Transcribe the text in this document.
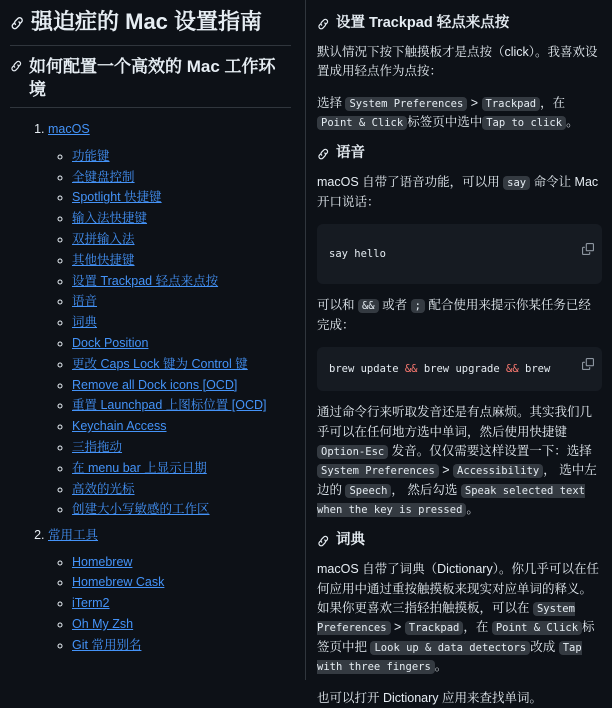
强迫症的 Mac 设置指南
如何配置一个高效的 Mac 工作环境
1. macOS
◦ 功能键
◦ 全键盘控制
◦ Spotlight 快捷键
◦ 输入法快捷键
◦ 双拼输入法
◦ 其他快捷键
◦ 设置 Trackpad 轻点来点按
◦ 语音
◦ 词典
◦ Dock Position
◦ 更改 Caps Lock 键为 Control 键
◦ Remove all Dock icons [OCD]
◦ 重置 Launchpad 上图标位置 [OCD]
◦ Keychain Access
◦ 三指拖动
◦ 在 menu bar 上显示日期
◦ 高效的光标
◦ 创建大小写敏感的工作区
2. 常用工具
◦ Homebrew
◦ Homebrew Cask
◦ iTerm2
◦ Oh My Zsh
◦ Git 常用别名
设置 Trackpad 轻点来点按

默认情况下按下触摸板才是点按（click）。我喜欢设置成用轻点作为点按：

选择 System Preferences > Trackpad ，在 Point & Click 标签页中选中 Tap to click 。

语音

macOS 自带了语音功能，可以用 say 命令让 Mac 开口说话：

say hello

可以和 && 或者 ; 配合使用来提示你某任务已经完成：

brew update && brew upgrade && brew

通过命令行来听取发音还是有点麻烦。其实我们几乎可以在任何地方选中单词，然后使用快捷键 Option-Esc 发音。仅仅需要这样设置一下：选择 System Preferences > Accessibility ， 选中左边的 Speech ， 然后勾选 Speak selected text when the key is pressed 。

词典

macOS 自带了词典（Dictionary）。你几乎可以在任何应用中通过重按触摸板来现实对应单词的释义。如果你更喜欢三指轻拍触摸板，可以在 System Preferences > Trackpad ，在 Point & Click 标签页中把 Look up & data detectors 改成 Tap with three fingers 。

也可以打开 Dictionary 应用来查找单词。
